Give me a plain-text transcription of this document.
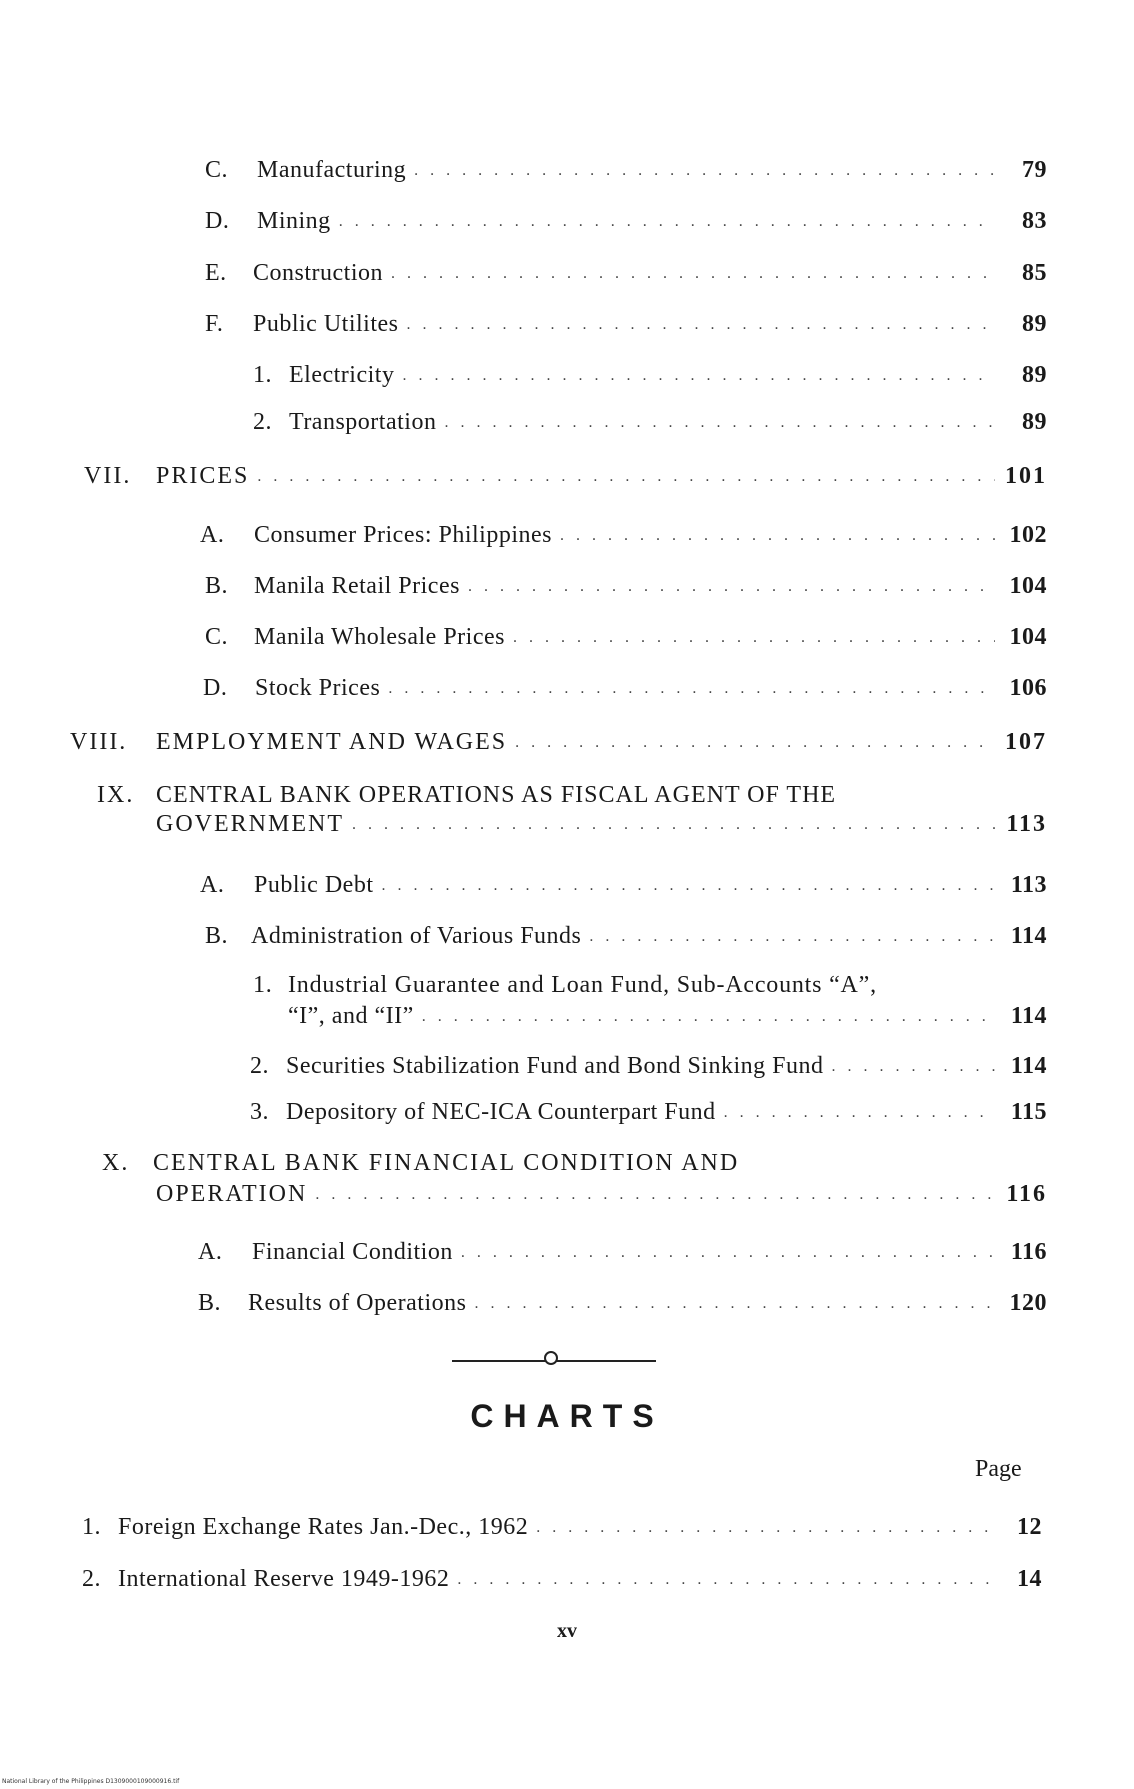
C.	Manufacturing . . .	79
D.	Mining . . .	83
E.	Construction . . .	85
F.	Public Utilites . . .	89
1. Electricity . . .	89
2. Transportation . . .	89
VII.	PRICES . . .	101
A.	Consumer Prices: Philippines . . .	102
B.	Manila Retail Prices . . .	104
C.	Manila Wholesale Prices . . .	104
D.	Stock Prices . . .	106
VIII.	EMPLOYMENT AND WAGES . . .	107
IX. CENTRAL BANK OPERATIONS AS FISCAL AGENT OF THE
GOVERNMENT . . .	113
A.	Public Debt . . .	113
B. Administration of Various Funds . . .	114
1. Industrial Guarantee and Loan Fund, Sub-Accounts “A”,
“I”, and “II” . . .	114
2. Securities Stabilization Fund and Bond Sinking Fund . . .	114
3. Depository of NEC-ICA Counterpart Fund . . .	115
X. CENTRAL BANK FINANCIAL CONDITION AND
OPERATION . . .	116
A.	Financial Condition . . .	116
B.	Results of Operations . . .	120
CHARTS
Page
1. Foreign Exchange Rates Jan.-Dec., 1962 . . .	12
2. International Reserve 1949-1962 . . .	14
xv
National Library of the Philippines D1309000109000916.tif
